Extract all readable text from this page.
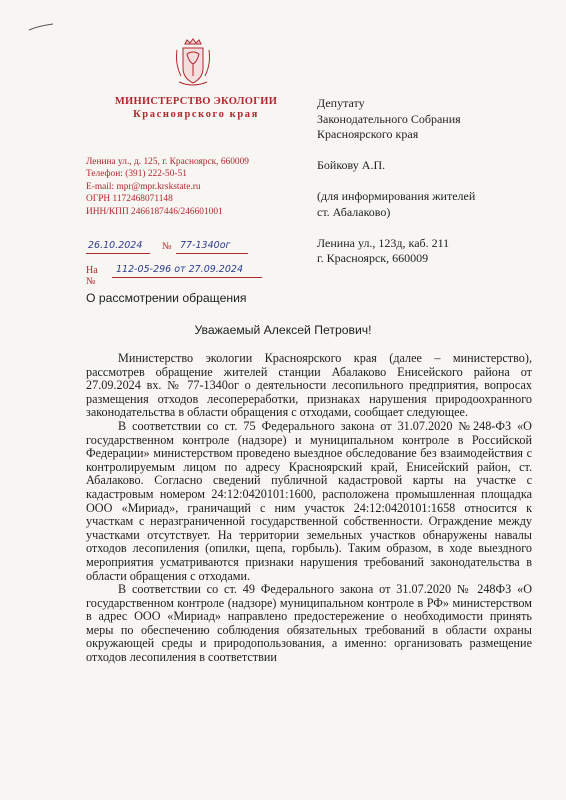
МИНИСТЕРСТВО ЭКОЛОГИИ
Красноярского края
Ленина ул., д. 125, г. Красноярск, 660009
Телефон: (391) 222-50-51
E-mail: mpr@mpr.krskstate.ru
ОГРН 1172468071148
ИНН/КПП 2466187446/246601001
26.10.2024 № 77-1340ог
На №
112-05-296 от 27.09.2024
Депутату
Законодательного Собрания
Красноярского края
Бойкову А.П.
(для информирования жителей
ст. Абалаково)
Ленина ул., 123д, каб. 211
г. Красноярск, 660009
О рассмотрении обращения
Уважаемый Алексей Петрович!

Министерство экологии Красноярского края (далее – министерство), рассмотрев обращение жителей станции Абалаково Енисейского района от 27.09.2024 вх. № 77-1340ог о деятельности лесопильного предприятия, вопросах размещения отходов лесопереработки, признаках нарушения природоохранного законодательства в области обращения с отходами, сообщает следующее.

В соответствии со ст. 75 Федерального закона от 31.07.2020 №248-ФЗ «О государственном контроле (надзоре) и муниципальном контроле в Российской Федерации» министерством проведено выездное обследование без взаимодействия с контролируемым лицом по адресу Красноярский край, Енисейский район, ст. Абалаково. Согласно сведений публичной кадастровой карты на участке с кадастровым номером 24:12:0420101:1600, расположена промышленная площадка ООО «Мириад», граничащий с ним участок 24:12:0420101:1658 относится к участкам с неразграниченной государственной собственности. Ограждение между участками отсутствует. На территории земельных участков обнаружены навалы отходов лесопиления (опилки, щепа, горбыль). Таким образом, в ходе выездного мероприятия усматриваются признаки нарушения требований законодательства в области обращения с отходами.

В соответствии со ст. 49 Федерального закона от 31.07.2020 № 248ФЗ «О государственном контроле (надзоре) муниципальном контроле в РФ» министерством в адрес ООО «Мириад» направлено предостережение о необходимости принять меры по обеспечению соблюдения обязательных требований в области охраны окружающей среды и природопользования, а именно: организовать размещение отходов лесопиления в соответствии
